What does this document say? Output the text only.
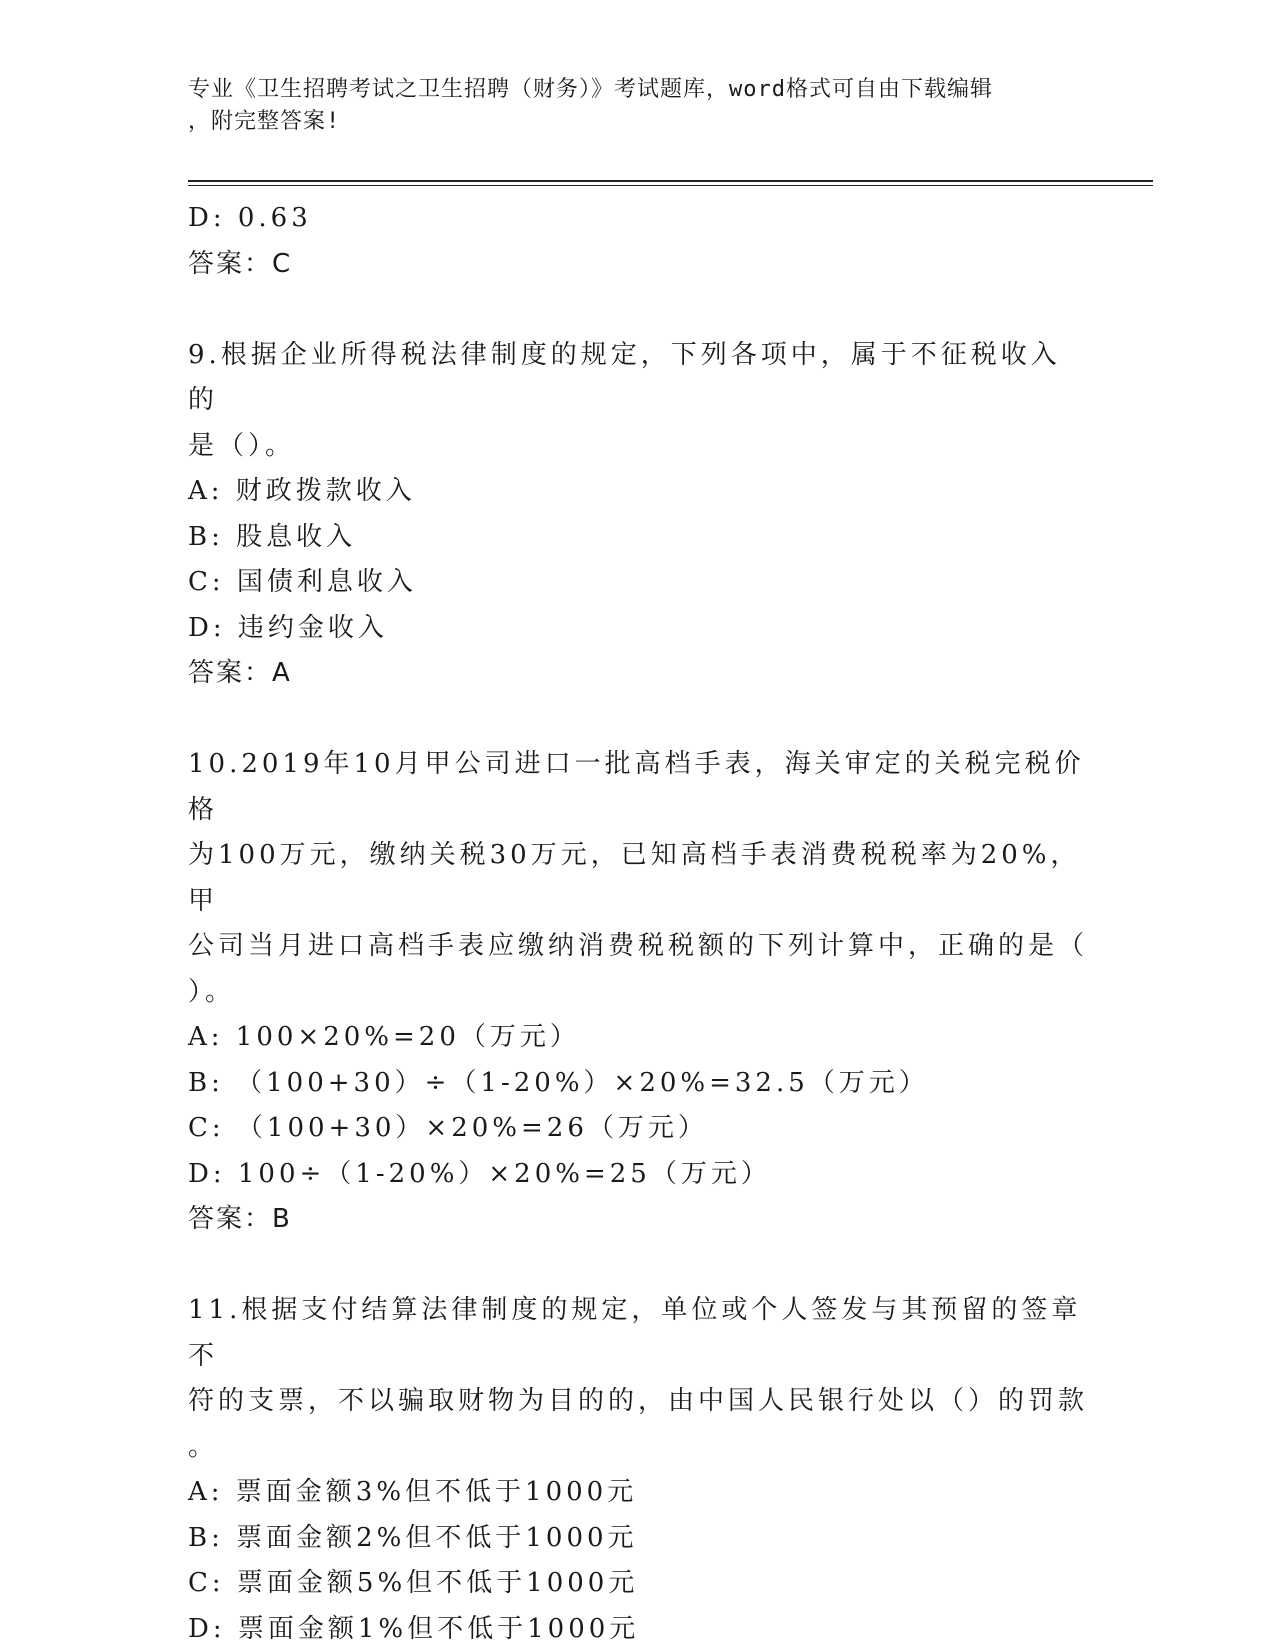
专业《卫生招聘考试之卫生招聘（财务）》考试题库，word格式可自由下载编辑
，附完整答案!
D: 0.63
答案：C
9.根据企业所得税法律制度的规定，下列各项中，属于不征税收入的
是（）。
A: 财政拨款收入
B: 股息收入
C: 国债利息收入
D: 违约金收入
答案：A
10.2019年10月甲公司进口一批高档手表，海关审定的关税完税价格
为100万元，缴纳关税30万元，已知高档手表消费税税率为20%，甲
公司当月进口高档手表应缴纳消费税税额的下列计算中，正确的是（
）。
A: 100×20%=20（万元）
B: （100+30）÷（1-20%）×20%=32.5（万元）
C: （100+30）×20%=26（万元）
D: 100÷（1-20%）×20%=25（万元）
答案：B
11.根据支付结算法律制度的规定，单位或个人签发与其预留的签章不
符的支票，不以骗取财物为目的的，由中国人民银行处以（）的罚款
。
A: 票面金额3%但不低于1000元
B: 票面金额2%但不低于1000元
C: 票面金额5%但不低于1000元
D: 票面金额1%但不低于1000元
